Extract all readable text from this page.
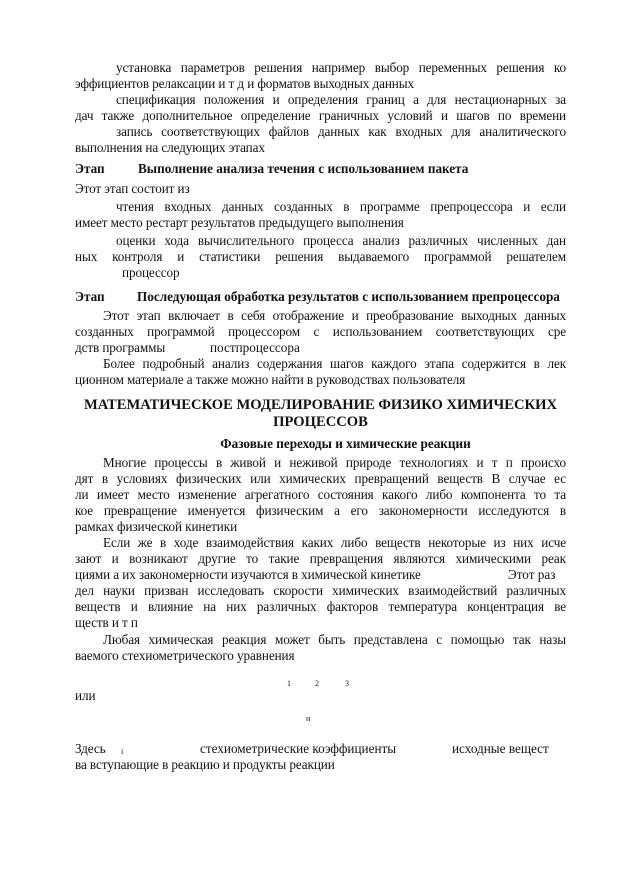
установка параметров решения например выбор переменных решения ко
эффициентов релаксации и т д и форматов выходных данных
спецификация положения и определения границ а для нестационарных за
дач также дополнительное определение граничных условий и шагов по времени
запись соответствующих файлов данных как входных для аналитического
выполнения на следующих этапах
Этап	Выполнение анализа течения с использованием пакета
Этот этап состоит из
чтения входных данных созданных в программе препроцессора и если
имеет место рестарт результатов предыдущего выполнения
оценки хода вычислительного процесса анализ различных численных дан
ных контроля и статистики решения выдаваемого программой решателем
процессор
Этап Последующая обработка результатов с использованием препроцессора
Этот этап включает в себя отображение и преобразование выходных данных
созданных программой процессором с использованием соответствующих сре
дств программы	постпроцессора
Более подробный анализ содержания шагов каждого этапа содержится в лек
ционном материале а также можно найти в руководствах пользователя
МАТЕМАТИЧЕСКОЕ МОДЕЛИРОВАНИЕ ФИЗИКО ХИМИЧЕСКИХ
ПРОЦЕССОВ
Фазовые переходы и химические реакции
Многие процессы в живой и неживой природе технологиях и т п происхо
дят в условиях физических или химических превращений веществ В случае ес
ли имеет место изменение агрегатного состояния какого либо компонента то та
кое превращение именуется физическим а его закономерности исследуются в
рамках физической кинетики
Если же в ходе взаимодействия каких либо веществ некоторые из них исче
зают и возникают другие то такие превращения являются химическими реак
циями а их закономерности изучаются в химической кинетике	Этот раз
дел науки призван исследовать скорости химических взаимодействий различных
веществ и влияние на них различных факторов температура концентрация ве
ществ и т п
Любая химическая реакция может быть представлена с помощью так назы
ваемого стехиометрического уравнения
1	2	3
или
н
Здесь	i	стехиометрические коэффициенты	исходные вещест
ва вступающие в реакцию и продукты реакции
